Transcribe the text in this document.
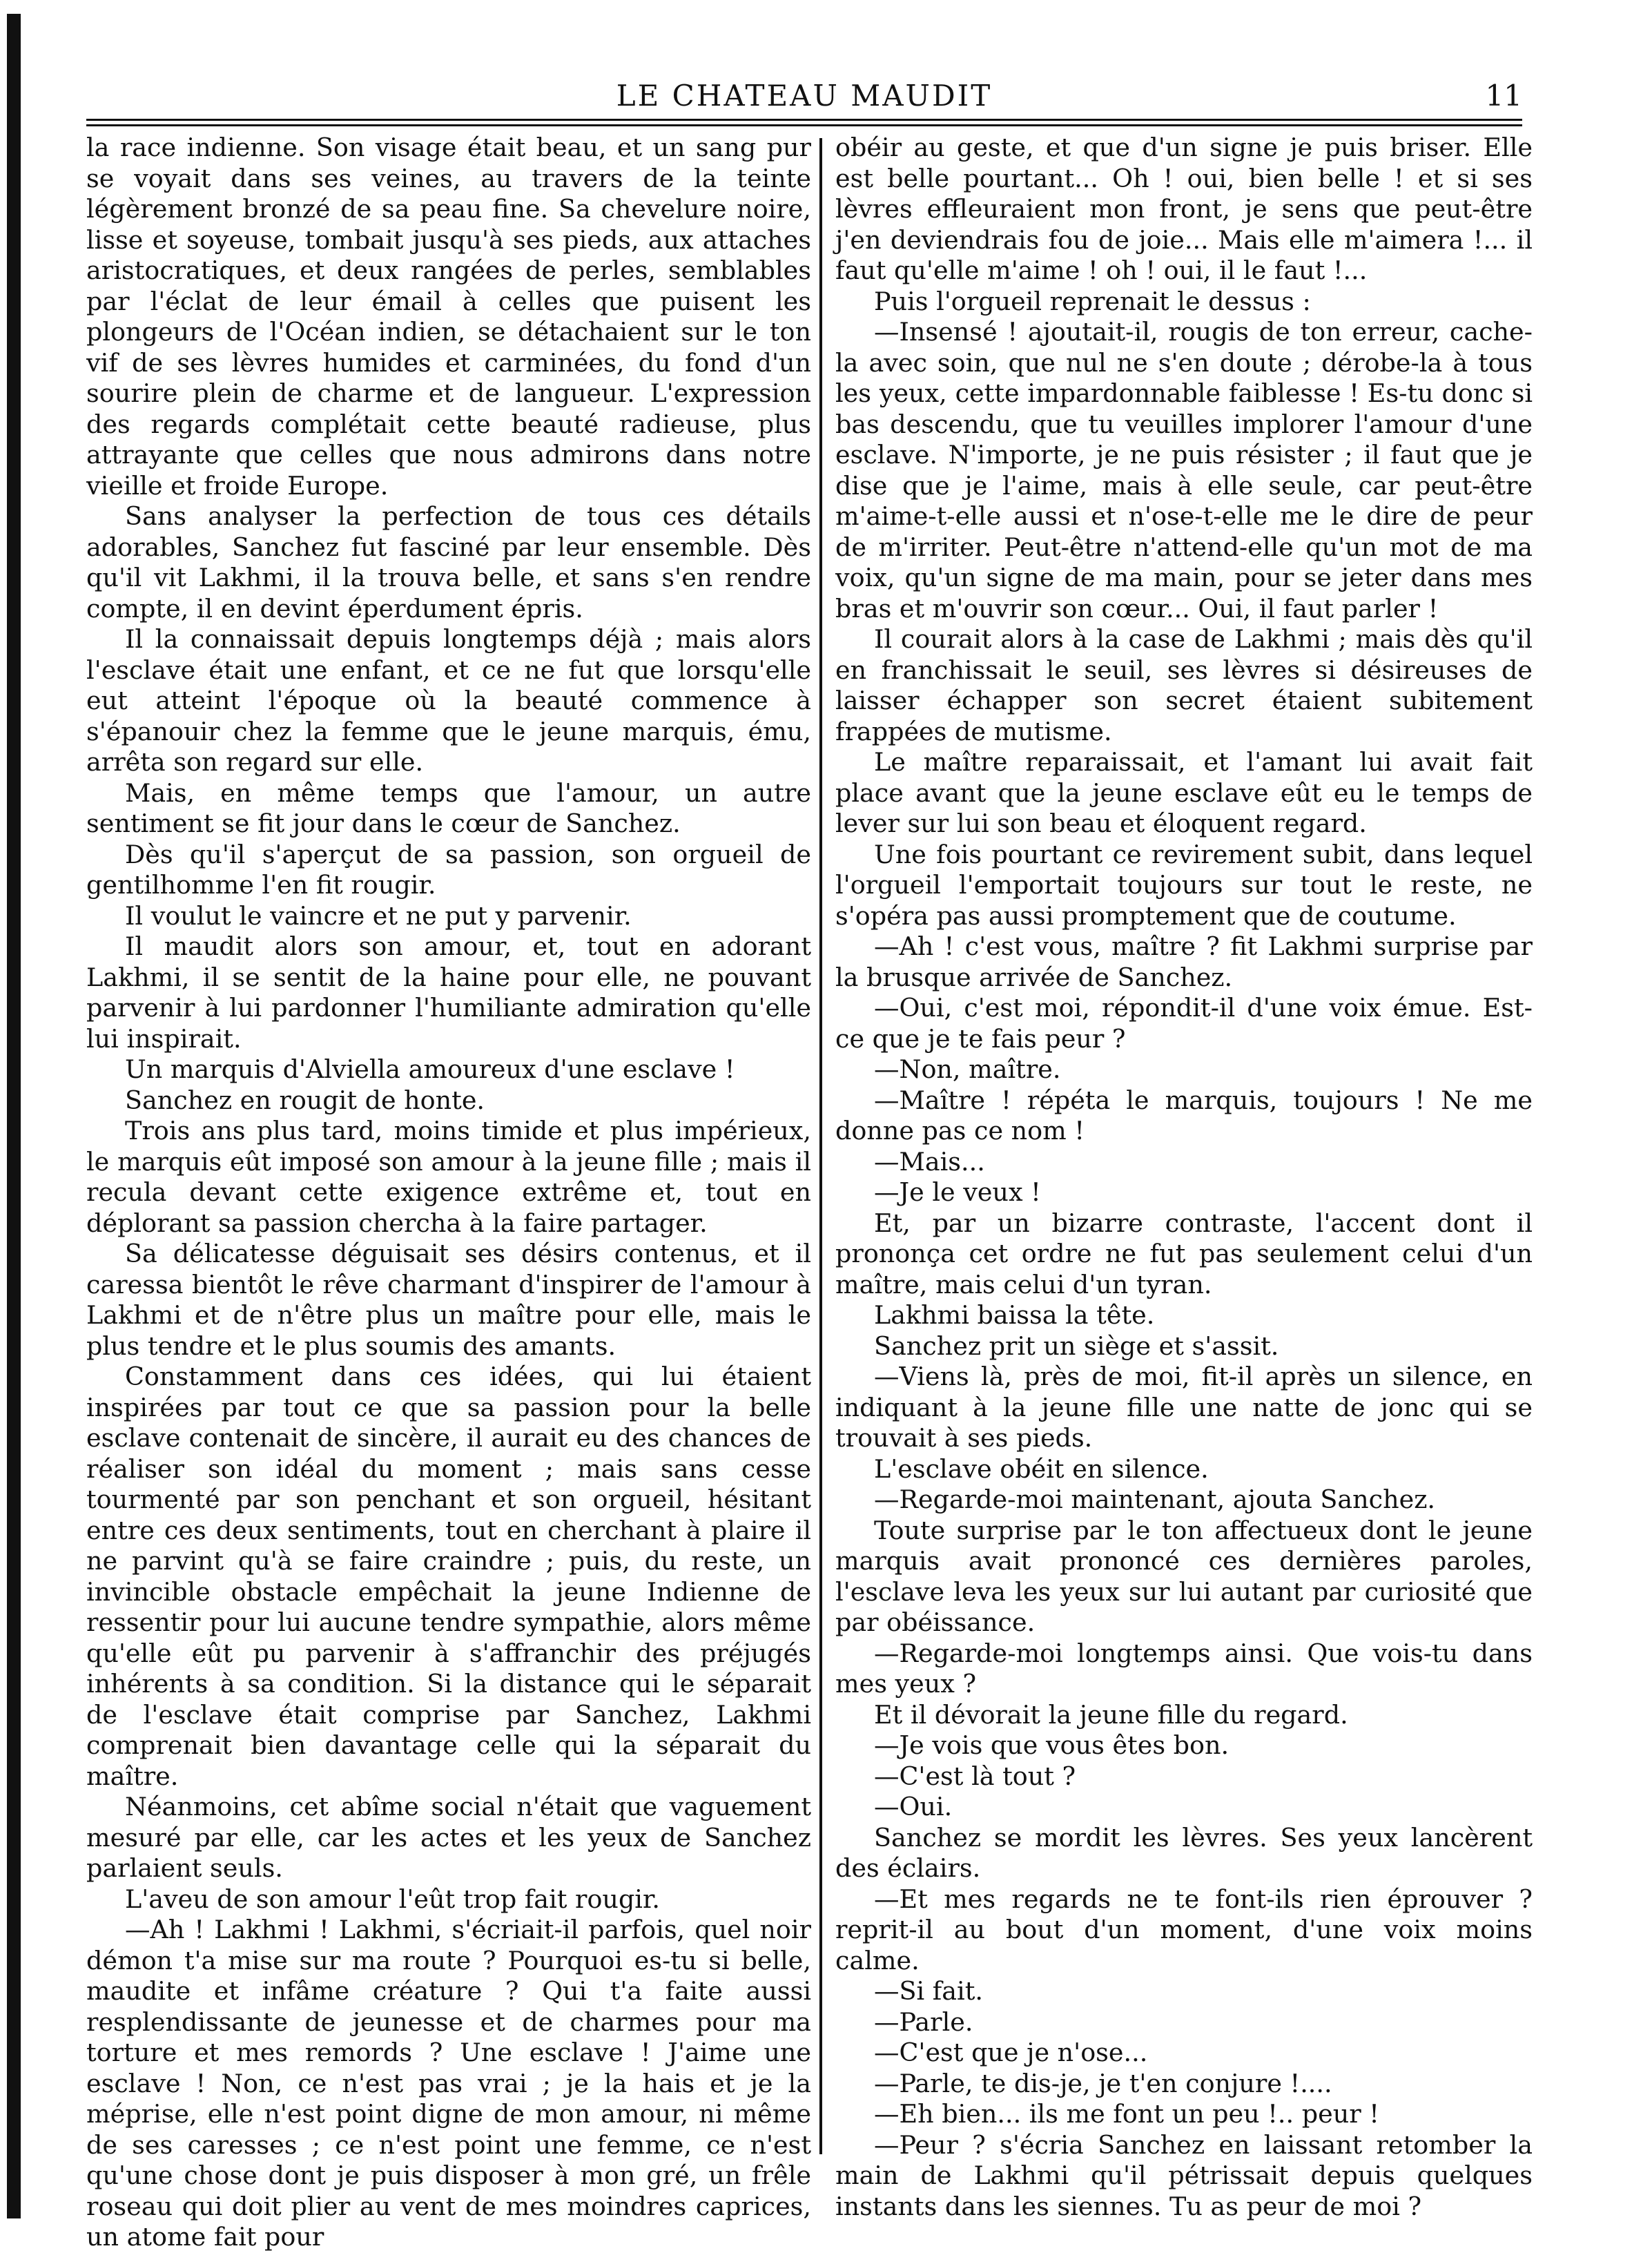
LE CHATEAU MAUDIT	11

la race indienne. Son visage était beau, et un sang pur se voyait dans ses veines, au travers de la teinte légèrement bronzé de sa peau fine. Sa chevelure noire, lisse et soyeuse, tombait jusqu'à ses pieds, aux attaches aristocratiques, et deux rangées de perles, semblables par l'éclat de leur émail à celles que puisent les plongeurs de l'Océan indien, se détachaient sur le ton vif de ses lèvres humides et carminées, du fond d'un sourire plein de charme et de langueur. L'expression des regards complétait cette beauté radieuse, plus attrayante que celles que nous admirons dans notre vieille et froide Europe.

Sans analyser la perfection de tous ces détails adorables, Sanchez fut fasciné par leur ensemble. Dès qu'il vit Lakhmi, il la trouva belle, et sans s'en rendre compte, il en devint éperdument épris.

Il la connaissait depuis longtemps déjà ; mais alors l'esclave était une enfant, et ce ne fut que lorsqu'elle eut atteint l'époque où la beauté commence à s'épanouir chez la femme que le jeune marquis, ému, arrêta son regard sur elle.

Mais, en même temps que l'amour, un autre sentiment se fit jour dans le cœur de Sanchez.

Dès qu'il s'aperçut de sa passion, son orgueil de gentilhomme l'en fit rougir.

Il voulut le vaincre et ne put y parvenir.

Il maudit alors son amour, et, tout en adorant Lakhmi, il se sentit de la haine pour elle, ne pouvant parvenir à lui pardonner l'humiliante admiration qu'elle lui inspirait.

Un marquis d'Alviella amoureux d'une esclave !

Sanchez en rougit de honte.

Trois ans plus tard, moins timide et plus impérieux, le marquis eût imposé son amour à la jeune fille ; mais il recula devant cette exigence extrême et, tout en déplorant sa passion chercha à la faire partager.

Sa délicatesse déguisait ses désirs contenus, et il caressa bientôt le rêve charmant d'inspirer de l'amour à Lakhmi et de n'être plus un maître pour elle, mais le plus tendre et le plus soumis des amants.

Constamment dans ces idées, qui lui étaient inspirées par tout ce que sa passion pour la belle esclave contenait de sincère, il aurait eu des chances de réaliser son idéal du moment ; mais sans cesse tourmenté par son penchant et son orgueil, hésitant entre ces deux sentiments, tout en cherchant à plaire il ne parvint qu'à se faire craindre ; puis, du reste, un invincible obstacle empêchait la jeune Indienne de ressentir pour lui aucune tendre sympathie, alors même qu'elle eût pu parvenir à s'affranchir des préjugés inhérents à sa condition. Si la distance qui le séparait de l'esclave était comprise par Sanchez, Lakhmi comprenait bien davantage celle qui la séparait du maître.

Néanmoins, cet abîme social n'était que vaguement mesuré par elle, car les actes et les yeux de Sanchez parlaient seuls.

L'aveu de son amour l'eût trop fait rougir.

—Ah ! Lakhmi ! Lakhmi, s'écriait-il parfois, quel noir démon t'a mise sur ma route ? Pourquoi es-tu si belle, maudite et infâme créature ? Qui t'a faite aussi resplendissante de jeunesse et de charmes pour ma torture et mes remords ? Une esclave ! J'aime une esclave ! Non, ce n'est pas vrai ; je la hais et je la méprise, elle n'est point digne de mon amour, ni même de ses caresses ; ce n'est point une femme, ce n'est qu'une chose dont je puis disposer à mon gré, un frêle roseau qui doit plier au vent de mes moindres caprices, un atome fait pour

obéir au geste, et que d'un signe je puis briser. Elle est belle pourtant... Oh ! oui, bien belle ! et si ses lèvres effleuraient mon front, je sens que peut-être j'en deviendrais fou de joie... Mais elle m'aimera !... il faut qu'elle m'aime ! oh ! oui, il le faut !...

Puis l'orgueil reprenait le dessus :

—Insensé ! ajoutait-il, rougis de ton erreur, cache-la avec soin, que nul ne s'en doute ; dérobe-la à tous les yeux, cette impardonnable faiblesse ! Es-tu donc si bas descendu, que tu veuilles implorer l'amour d'une esclave. N'importe, je ne puis résister ; il faut que je dise que je l'aime, mais à elle seule, car peut-être m'aime-t-elle aussi et n'ose-t-elle me le dire de peur de m'irriter. Peut-être n'attend-elle qu'un mot de ma voix, qu'un signe de ma main, pour se jeter dans mes bras et m'ouvrir son cœur... Oui, il faut parler !

Il courait alors à la case de Lakhmi ; mais dès qu'il en franchissait le seuil, ses lèvres si désireuses de laisser échapper son secret étaient subitement frappées de mutisme.

Le maître reparaissait, et l'amant lui avait fait place avant que la jeune esclave eût eu le temps de lever sur lui son beau et éloquent regard.

Une fois pourtant ce revirement subit, dans lequel l'orgueil l'emportait toujours sur tout le reste, ne s'opéra pas aussi promptement que de coutume.

—Ah ! c'est vous, maître ? fit Lakhmi surprise par la brusque arrivée de Sanchez.

—Oui, c'est moi, répondit-il d'une voix émue. Est-ce que je te fais peur ?

—Non, maître.

—Maître ! répéta le marquis, toujours ! Ne me donne pas ce nom !

—Mais...

—Je le veux !

Et, par un bizarre contraste, l'accent dont il prononça cet ordre ne fut pas seulement celui d'un maître, mais celui d'un tyran.

Lakhmi baissa la tête.

Sanchez prit un siège et s'assit.

—Viens là, près de moi, fit-il après un silence, en indiquant à la jeune fille une natte de jonc qui se trouvait à ses pieds.

L'esclave obéit en silence.

—Regarde-moi maintenant, ajouta Sanchez.

Toute surprise par le ton affectueux dont le jeune marquis avait prononcé ces dernières paroles, l'esclave leva les yeux sur lui autant par curiosité que par obéissance.

—Regarde-moi longtemps ainsi. Que vois-tu dans mes yeux ?

Et il dévorait la jeune fille du regard.

—Je vois que vous êtes bon.

—C'est là tout ?

—Oui.

Sanchez se mordit les lèvres. Ses yeux lancèrent des éclairs.

—Et mes regards ne te font-ils rien éprouver ? reprit-il au bout d'un moment, d'une voix moins calme.

—Si fait.

—Parle.

—C'est que je n'ose...

—Parle, te dis-je, je t'en conjure !....

—Eh bien... ils me font un peu !.. peur !

—Peur ? s'écria Sanchez en laissant retomber la main de Lakhmi qu'il pétrissait depuis quelques instants dans les siennes. Tu as peur de moi ?
